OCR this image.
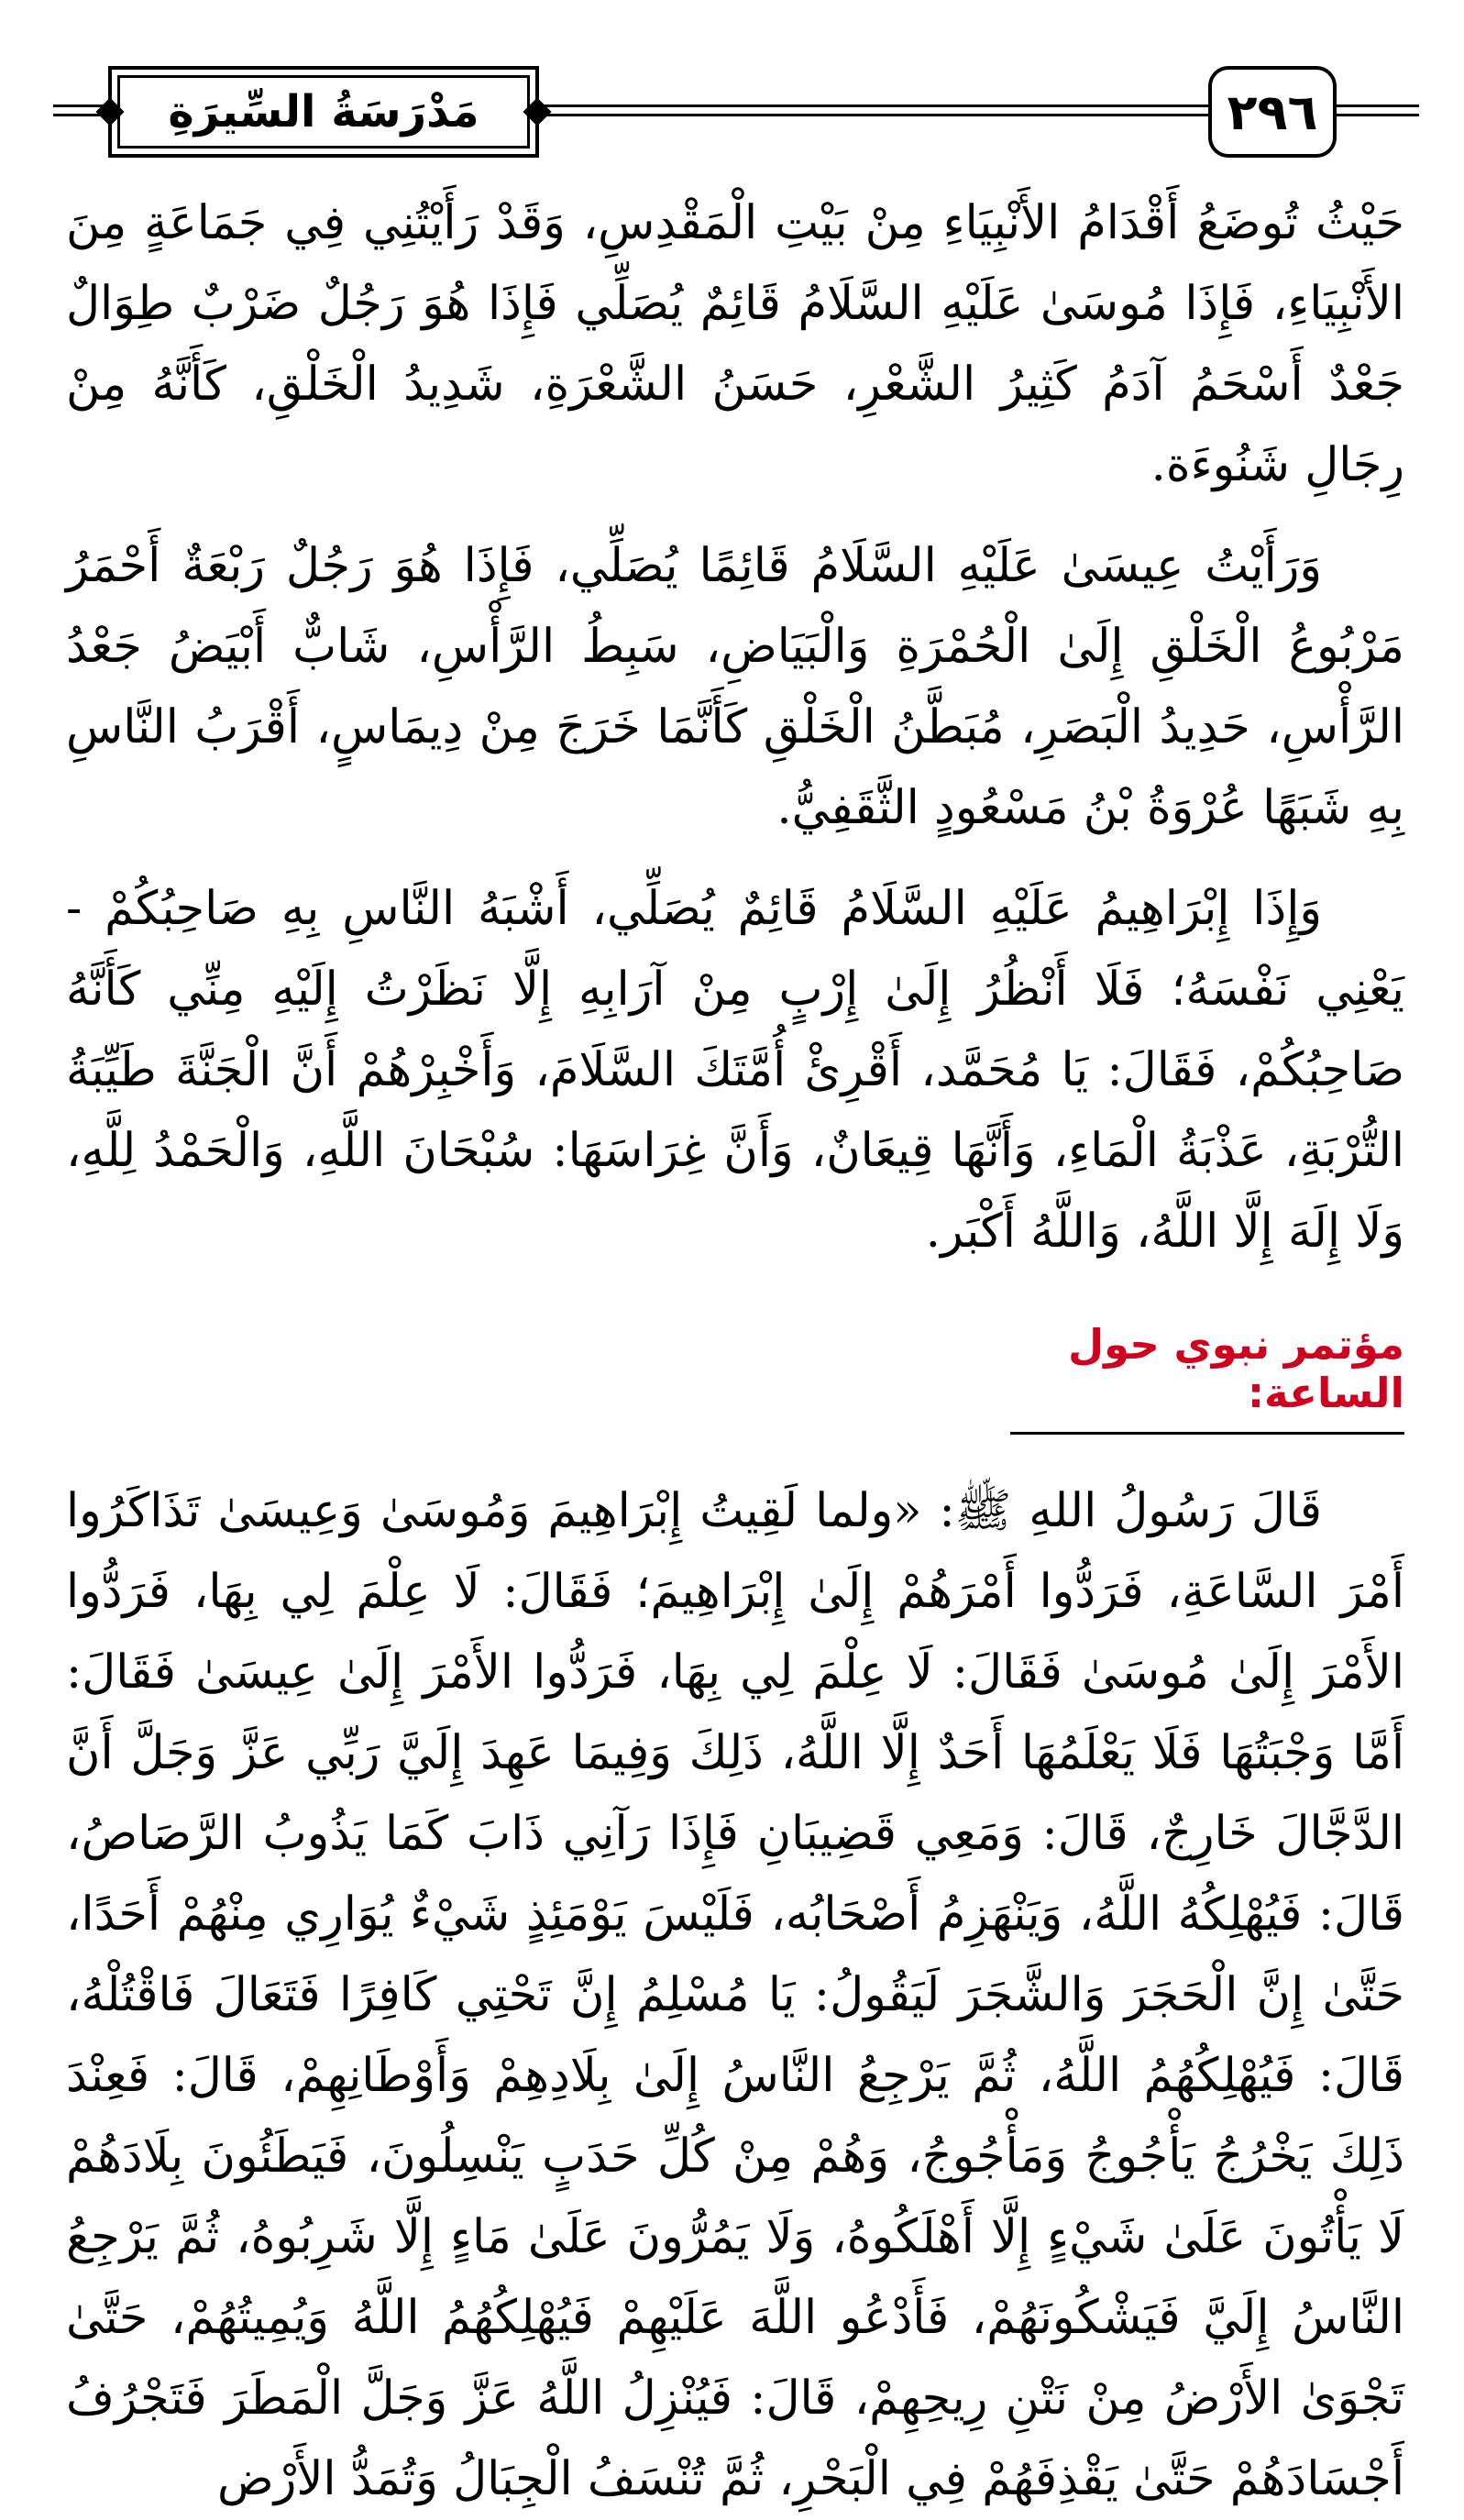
٢٩٦
مَدْرَسَةُ السِّيرَةِ

حَيْثُ تُوضَعُ أَقْدَامُ الأَنْبِيَاءِ مِنْ بَيْتِ الْمَقْدِسِ، وَقَدْ رَأَيْتُنِي فِي جَمَاعَةٍ مِنَ الأَنْبِيَاءِ، فَإِذَا مُوسَىٰ عَلَيْهِ السَّلَامُ قَائِمٌ يُصَلِّي فَإِذَا هُوَ رَجُلٌ ضَرْبٌ طِوَالٌ جَعْدٌ أَسْحَمُ آدَمُ كَثِيرُ الشَّعْرِ، حَسَنُ الشَّعْرَةِ، شَدِيدُ الْخَلْقِ، كَأَنَّهُ مِنْ رِجَالِ شَنُوءَة.

وَرَأَيْتُ عِيسَىٰ عَلَيْهِ السَّلَامُ قَائِمًا يُصَلِّي، فَإِذَا هُوَ رَجُلٌ رَبْعَةٌ أَحْمَرُ مَرْبُوعُ الْخَلْقِ إِلَىٰ الْحُمْرَةِ وَالْبَيَاضِ، سَبِطُ الرَّأْسِ، شَابٌّ أَبْيَضُ جَعْدُ الرَّأْسِ، حَدِيدُ الْبَصَرِ، مُبَطَّنُ الْخَلْقِ كَأَنَّمَا خَرَجَ مِنْ دِيمَاسٍ، أَقْرَبُ النَّاسِ بِهِ شَبَهًا عُرْوَةُ بْنُ مَسْعُودٍ الثَّقَفِيُّ.

وَإِذَا إِبْرَاهِيمُ عَلَيْهِ السَّلَامُ قَائِمٌ يُصَلِّي، أَشْبَهُ النَّاسِ بِهِ صَاحِبُكُمْ - يَعْنِي نَفْسَهُ؛ فَلَا أَنْظُرُ إِلَىٰ إِرْبٍ مِنْ آرَابِهِ إِلَّا نَظَرْتُ إِلَيْهِ مِنِّي كَأَنَّهُ صَاحِبُكُمْ، فَقَالَ: يَا مُحَمَّد، أَقْرِئْ أُمَّتَكَ السَّلَامَ، وَأَخْبِرْهُمْ أَنَّ الْجَنَّةَ طَيِّبَةُ التُّرْبَةِ، عَذْبَةُ الْمَاءِ، وَأَنَّهَا قِيعَانٌ، وَأَنَّ غِرَاسَهَا: سُبْحَانَ اللَّهِ، وَالْحَمْدُ لِلَّهِ، وَلَا إِلَهَ إِلَّا اللَّهُ، وَاللَّهُ أَكْبَر.

مؤتمر نبوي حول الساعة:

قَالَ رَسُولُ اللهِ ﷺ: «ولما لَقِيتُ إِبْرَاهِيمَ وَمُوسَىٰ وَعِيسَىٰ تَذَاكَرُوا أَمْرَ السَّاعَةِ، فَرَدُّوا أَمْرَهُمْ إِلَىٰ إِبْرَاهِيمَ؛ فَقَالَ: لَا عِلْمَ لِي بِهَا، فَرَدُّوا الأَمْرَ إِلَىٰ مُوسَىٰ فَقَالَ: لَا عِلْمَ لِي بِهَا، فَرَدُّوا الأَمْرَ إِلَىٰ عِيسَىٰ فَقَالَ: أَمَّا وَجْبَتُهَا فَلَا يَعْلَمُهَا أَحَدٌ إِلَّا اللَّهُ، ذَلِكَ وَفِيمَا عَهِدَ إِلَيَّ رَبِّي عَزَّ وَجَلَّ أَنَّ الدَّجَّالَ خَارِجٌ، قَالَ: وَمَعِي قَضِيبَانِ فَإِذَا رَآنِي ذَابَ كَمَا يَذُوبُ الرَّصَاصُ، قَالَ: فَيُهْلِكُهُ اللَّهُ، وَيَنْهَزِمُ أَصْحَابُه، فَلَيْسَ يَوْمَئِذٍ شَيْءٌ يُوَارِي مِنْهُمْ أَحَدًا، حَتَّىٰ إِنَّ الْحَجَرَ وَالشَّجَرَ لَيَقُولُ: يَا مُسْلِمُ إِنَّ تَحْتِي كَافِرًا فَتَعَالَ فَاقْتُلْهُ، قَالَ: فَيُهْلِكُهُمُ اللَّهُ، ثُمَّ يَرْجِعُ النَّاسُ إِلَىٰ بِلَادِهِمْ وَأَوْطَانِهِمْ، قَالَ: فَعِنْدَ ذَلِكَ يَخْرُجُ يَأْجُوجُ وَمَأْجُوجُ، وَهُمْ مِنْ كُلِّ حَدَبٍ يَنْسِلُونَ، فَيَطَئُونَ بِلَادَهُمْ لَا يَأْتُونَ عَلَىٰ شَيْءٍ إِلَّا أَهْلَكُوهُ، وَلَا يَمُرُّونَ عَلَىٰ مَاءٍ إِلَّا شَرِبُوهُ، ثُمَّ يَرْجِعُ النَّاسُ إِلَيَّ فَيَشْكُونَهُمْ، فَأَدْعُو اللَّهَ عَلَيْهِمْ فَيُهْلِكُهُمُ اللَّهُ وَيُمِيتُهُمْ، حَتَّىٰ تَجْوَىٰ الأَرْضُ مِنْ نَتْنِ رِيحِهِمْ، قَالَ: فَيُنْزِلُ اللَّهُ عَزَّ وَجَلَّ الْمَطَرَ فَتَجْرُفُ أَجْسَادَهُمْ حَتَّىٰ يَقْذِفَهُمْ فِي الْبَحْرِ، ثُمَّ تُنْسَفُ الْجِبَالُ وَتُمَدُّ الأَرْض
